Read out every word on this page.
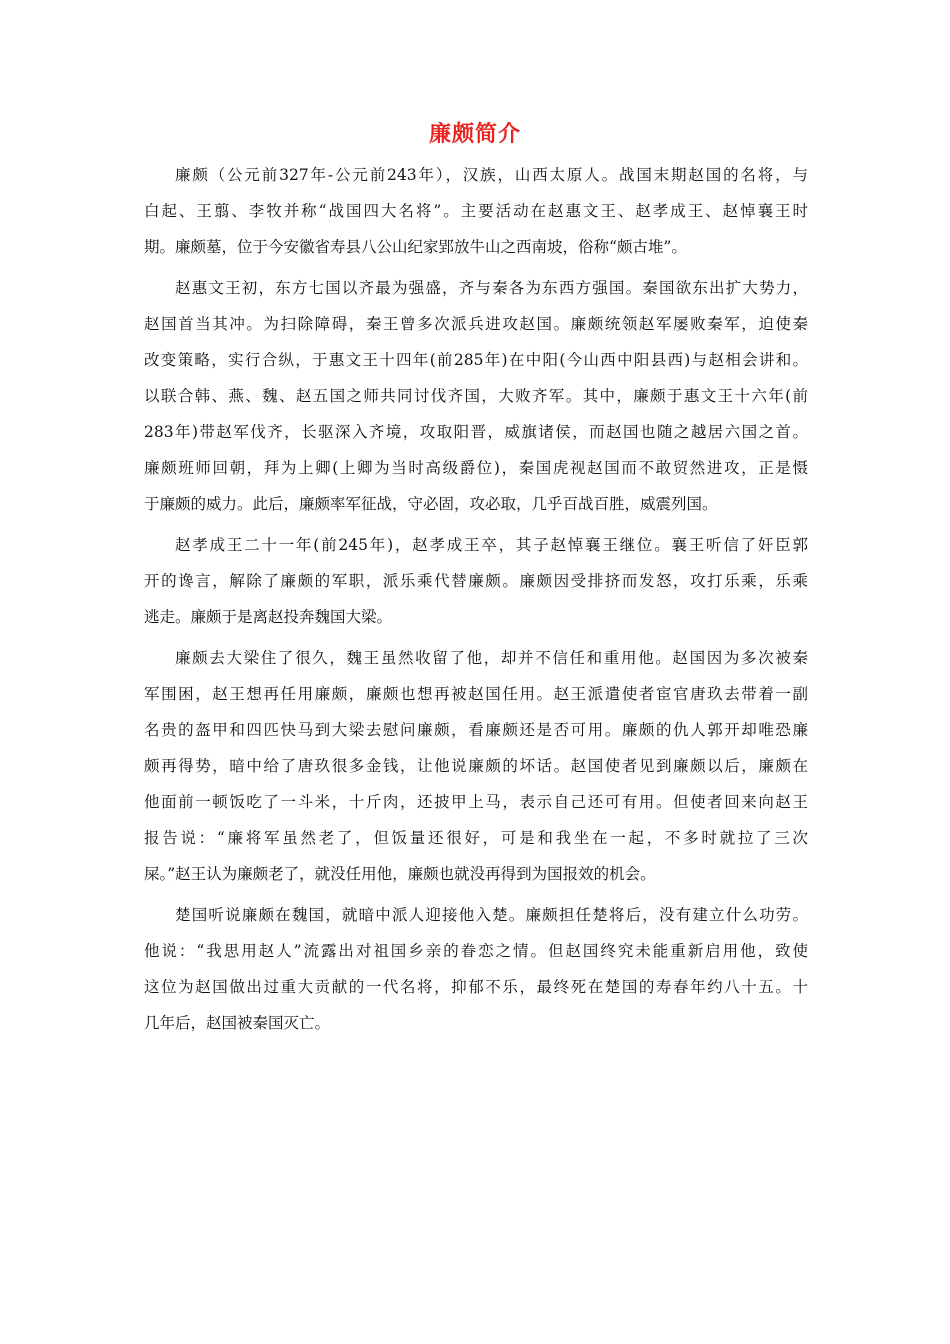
廉颇简介
廉颇（公元前327年-公元前243年），汉族，山西太原人。战国末期赵国的名将，与
白起、王翦、李牧并称“战国四大名将”。主要活动在赵惠文王、赵孝成王、赵悼襄王时
期。廉颇墓，位于今安徽省寿县八公山纪家郢放牛山之西南坡，俗称“颇古堆”。
赵惠文王初，东方七国以齐最为强盛，齐与秦各为东西方强国。秦国欲东出扩大势力，
赵国首当其冲。为扫除障碍，秦王曾多次派兵进攻赵国。廉颇统领赵军屡败秦军，迫使秦
改变策略，实行合纵，于惠文王十四年(前285年)在中阳(今山西中阳县西)与赵相会讲和。
以联合韩、燕、魏、赵五国之师共同讨伐齐国，大败齐军。其中，廉颇于惠文王十六年(前
283年)带赵军伐齐，长驱深入齐境，攻取阳晋，威旗诸侯，而赵国也随之越居六国之首。
廉颇班师回朝，拜为上卿(上卿为当时高级爵位)，秦国虎视赵国而不敢贸然进攻，正是慑
于廉颇的威力。此后，廉颇率军征战，守必固，攻必取，几乎百战百胜，威震列国。
赵孝成王二十一年(前245年)，赵孝成王卒，其子赵悼襄王继位。襄王听信了奸臣郭
开的谗言，解除了廉颇的军职，派乐乘代替廉颇。廉颇因受排挤而发怒，攻打乐乘，乐乘
逃走。廉颇于是离赵投奔魏国大梁。
廉颇去大梁住了很久，魏王虽然收留了他，却并不信任和重用他。赵国因为多次被秦
军围困，赵王想再任用廉颇，廉颇也想再被赵国任用。赵王派遣使者宦官唐玖去带着一副
名贵的盔甲和四匹快马到大梁去慰问廉颇，看廉颇还是否可用。廉颇的仇人郭开却唯恐廉
颇再得势，暗中给了唐玖很多金钱，让他说廉颇的坏话。赵国使者见到廉颇以后，廉颇在
他面前一顿饭吃了一斗米，十斤肉，还披甲上马，表示自己还可有用。但使者回来向赵王
报告说：“廉将军虽然老了，但饭量还很好，可是和我坐在一起，不多时就拉了三次
屎。”赵王认为廉颇老了，就没任用他，廉颇也就没再得到为国报效的机会。
楚国听说廉颇在魏国，就暗中派人迎接他入楚。廉颇担任楚将后，没有建立什么功劳。
他说：“我思用赵人”流露出对祖国乡亲的眷恋之情。但赵国终究未能重新启用他，致使
这位为赵国做出过重大贡献的一代名将，抑郁不乐，最终死在楚国的寿春年约八十五。十
几年后，赵国被秦国灭亡。
